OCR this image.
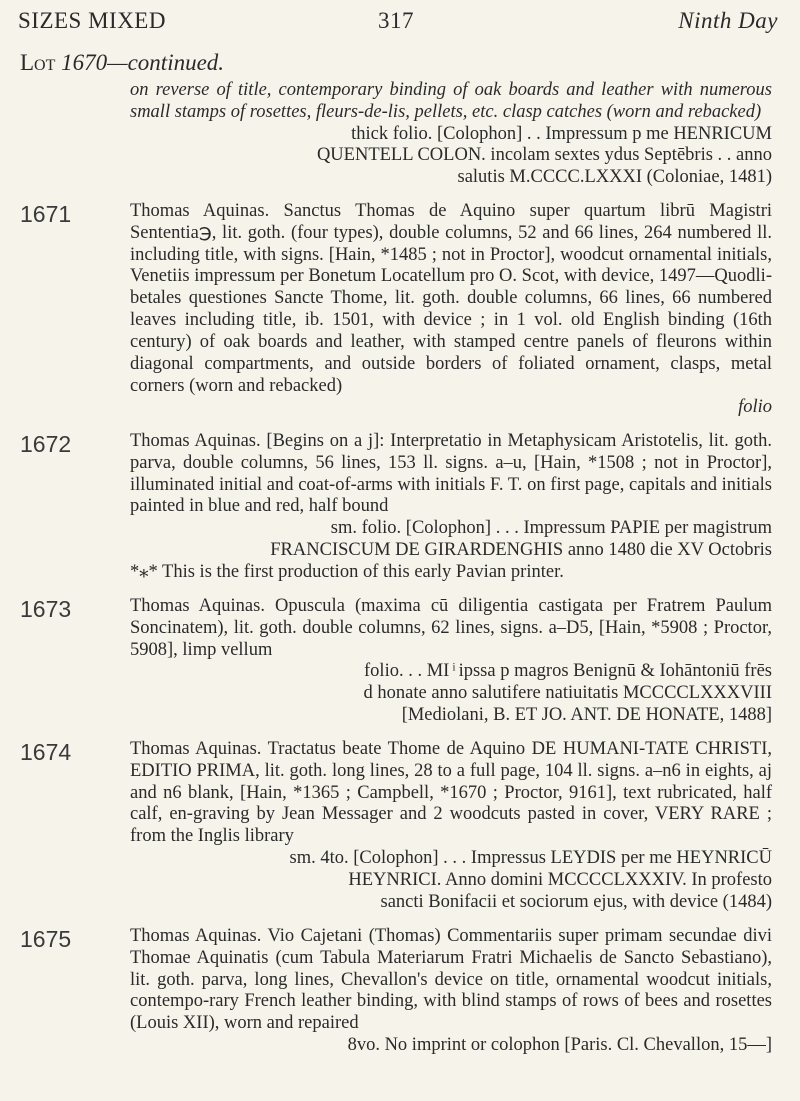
SIZES MIXED	317	Ninth Day
Lot 1670—continued.

on reverse of title, contemporary binding of oak boards and leather with numerous small stamps of rosettes, fleurs-de-lis, pellets, etc. clasp catches (worn and rebacked)

thick folio. [Colophon] . . Impressum p me HENRICUM

QUENTELL COLON. incolam sextes ydus Septēbris . . anno

salutis M.CCCC.LXXXI (Coloniae, 1481)

1671	Thomas Aquinas. Sanctus Thomas de Aquino super quartum librū Magistri Sententia℈, lit. goth. (four types), double columns, 52 and 66 lines, 264 numbered ll. including title, with signs. [Hain, *1485 ; not in Proctor], woodcut ornamental initials, Venetiis impressum per Bonetum Locatellum pro O. Scot, with device, 1497—Quodli-betales questiones Sancte Thome, lit. goth. double columns, 66 lines, 66 numbered leaves including title, ib. 1501, with device ; in 1 vol. old English binding (16th century) of oak boards and leather, with stamped centre panels of fleurons within diagonal compartments, and outside borders of foliated ornament, clasps, metal corners (worn and rebacked)

folio

1672	Thomas Aquinas. [Begins on a j]: Interpretatio in Metaphysicam Aristotelis, lit. goth. parva, double columns, 56 lines, 153 ll. signs. a–u, [Hain, *1508 ; not in Proctor], illuminated initial and coat-of-arms with initials F. T. on first page, capitals and initials painted in blue and red, half bound

sm. folio. [Colophon] . . . Impressum PAPIE per magistrum

FRANCISCUM DE GIRARDENGHIS anno 1480 die XV Octobris

*⁎* This is the first production of this early Pavian printer.

1673	Thomas Aquinas. Opuscula (maxima cū diligentia castigata per Fratrem Paulum Soncinatem), lit. goth. double columns, 62 lines, signs. a–D5, [Hain, *5908 ; Proctor, 5908], limp vellum

folio. . . MI ͥ ipssa p magros Benignū & Iohāntoniū frēs

d honate anno salutifere natiuitatis MCCCCLXXXVIII

[Mediolani, B. ET JO. ANT. DE HONATE, 1488]

1674	Thomas Aquinas. Tractatus beate Thome de Aquino DE HUMANI-TATE CHRISTI, EDITIO PRIMA, lit. goth. long lines, 28 to a full page, 104 ll. signs. a–n6 in eights, aj and n6 blank, [Hain, *1365 ; Campbell, *1670 ; Proctor, 9161], text rubricated, half calf, en-graving by Jean Messager and 2 woodcuts pasted in cover, VERY RARE ; from the Inglis library

sm. 4to. [Colophon] . . . Impressus LEYDIS per me HEYNRICŪ

HEYNRICI. Anno domini MCCCCLXXXIV. In profesto

sancti Bonifacii et sociorum ejus, with device (1484)

1675	Thomas Aquinas. Vio Cajetani (Thomas) Commentariis super primam secundae divi Thomae Aquinatis (cum Tabula Materiarum Fratri Michaelis de Sancto Sebastiano), lit. goth. parva, long lines, Chevallon's device on title, ornamental woodcut initials, contempo-rary French leather binding, with blind stamps of rows of bees and rosettes (Louis XII), worn and repaired

8vo. No imprint or colophon [Paris. Cl. Chevallon, 15—]
